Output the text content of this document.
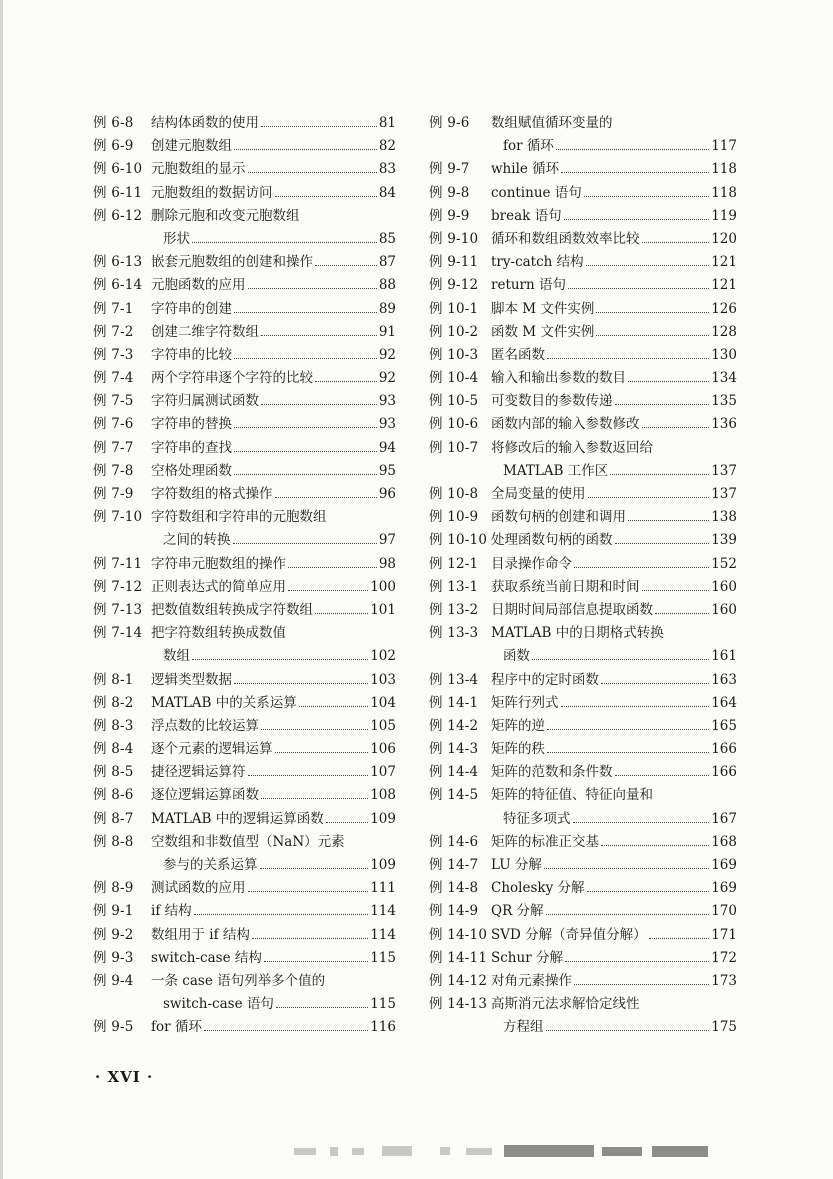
例 6-8	结构体函数的使用	81
例 6-9	创建元胞数组	82
例 6-10 元胞数组的显示	83
例 6-11 元胞数组的数据访问	84
例 6-12 删除元胞和改变元胞数组
形状	85
例 6-13 嵌套元胞数组的创建和操作	87
例 6-14 元胞函数的应用	88
例 7-1	字符串的创建	89
例 7-2	创建二维字符数组	91
例 7-3	字符串的比较	92
例 7-4	两个字符串逐个字符的比较	92
例 7-5	字符归属测试函数	93
例 7-6	字符串的替换	93
例 7-7	字符串的查找	94
例 7-8	空格处理函数	95
例 7-9	字符数组的格式操作	96
例 7-10 字符数组和字符串的元胞数组
之间的转换	97
例 7-11 字符串元胞数组的操作	98
例 7-12 正则表达式的简单应用	100
例 7-13 把数值数组转换成字符数组	101
例 7-14 把字符数组转换成数值
数组	102
例 8-1	逻辑类型数据	103
例 8-2	MATLAB 中的关系运算	104
例 8-3	浮点数的比较运算	105
例 8-4	逐个元素的逻辑运算	106
例 8-5	捷径逻辑运算符	107
例 8-6	逐位逻辑运算函数	108
例 8-7	MATLAB 中的逻辑运算函数	109
例 8-8	空数组和非数值型（NaN）元素
参与的关系运算	109
例 8-9	测试函数的应用	111
例 9-1	if 结构	114
例 9-2	数组用于 if 结构	114
例 9-3	switch-case 结构	115
例 9-4	一条 case 语句列举多个值的
switch-case 语句	115
例 9-5	for 循环	116
例 9-6	数组赋值循环变量的
for 循环	117
例 9-7	while 循环	118
例 9-8	continue 语句	118
例 9-9	break 语句	119
例 9-10 循环和数组函数效率比较	120
例 9-11 try-catch 结构	121
例 9-12 return 语句	121
例 10-1 脚本 M 文件实例	126
例 10-2 函数 M 文件实例	128
例 10-3 匿名函数	130
例 10-4 输入和输出参数的数目	134
例 10-5 可变数目的参数传递	135
例 10-6 函数内部的输入参数修改	136
例 10-7 将修改后的输入参数返回给
MATLAB 工作区	137
例 10-8 全局变量的使用	137
例 10-9 函数句柄的创建和调用	138
例 10-10 处理函数句柄的函数	139
例 12-1 目录操作命令	152
例 13-1 获取系统当前日期和时间	160
例 13-2 日期时间局部信息提取函数	160
例 13-3 MATLAB 中的日期格式转换
函数	161
例 13-4 程序中的定时函数	163
例 14-1 矩阵行列式	164
例 14-2 矩阵的逆	165
例 14-3 矩阵的秩	166
例 14-4 矩阵的范数和条件数	166
例 14-5 矩阵的特征值、特征向量和
特征多项式	167
例 14-6 矩阵的标准正交基	168
例 14-7 LU 分解	169
例 14-8 Cholesky 分解	169
例 14-9 QR 分解	170
例 14-10 SVD 分解（奇异值分解）	171
例 14-11 Schur 分解	172
例 14-12 对角元素操作	173
例 14-13 高斯消元法求解恰定线性
方程组	175
· XVI ·
